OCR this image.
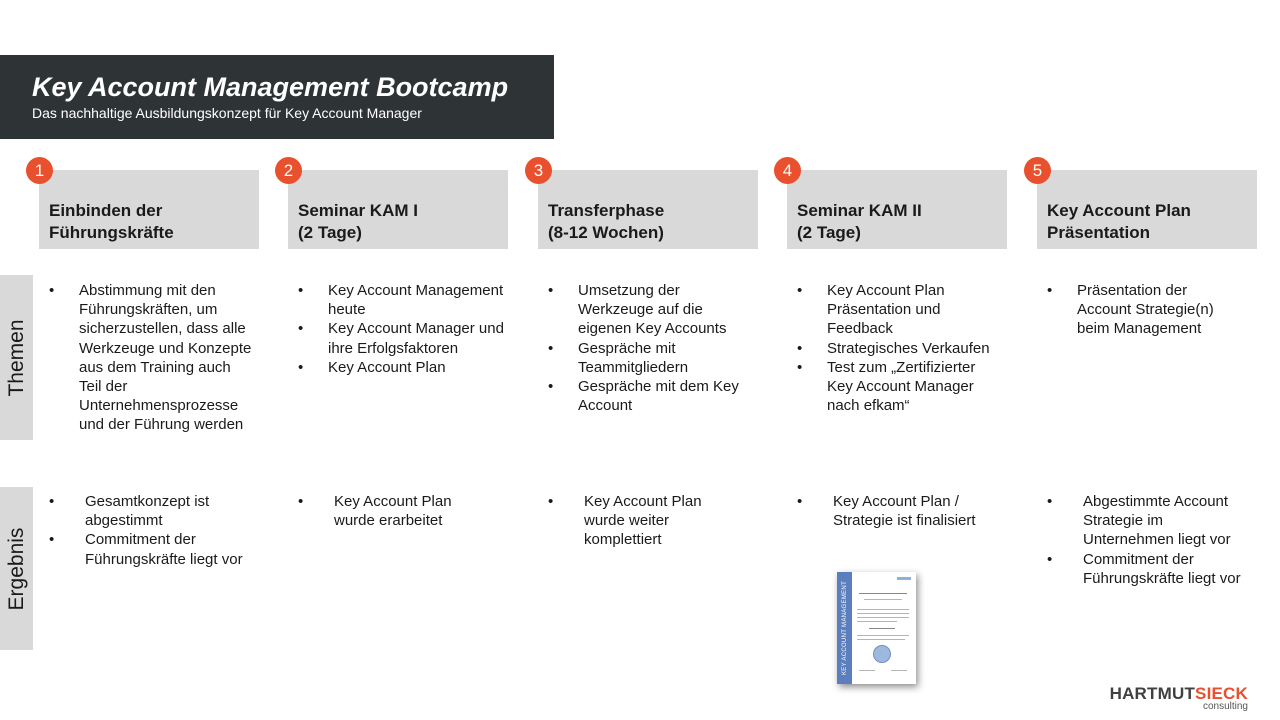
Key Account Management Bootcamp
Das nachhaltige Ausbildungskonzept für Key Account Manager
Einbinden der
Führungskräfte
1
Seminar KAM I
(2 Tage)
2
Transferphase
(8-12 Wochen)
3
Seminar KAM II
(2 Tage)
4
Key Account Plan
Präsentation
5
Themen
Ergebnis
• Abstimmung mit den Führungskräften, um sicherzustellen, dass alle Werkzeuge und Konzepte aus dem Training auch Teil der Unternehmensprozesse und der Führung werden
• Key Account Management heute
• Key Account Manager und ihre Erfolgsfaktoren
• Key Account Plan
• Umsetzung der Werkzeuge auf die eigenen Key Accounts
• Gespräche mit Teammitgliedern
• Gespräche mit dem Key Account
• Key Account Plan Präsentation und Feedback
• Strategisches Verkaufen
• Test zum „Zertifizierter Key Account Manager nach efkam“
• Präsentation der Account Strategie(n) beim Management
• Gesamtkonzept ist abgestimmt
• Commitment der Führungskräfte liegt vor
• Key Account Plan wurde erarbeitet
• Key Account Plan wurde weiter komplettiert
• Key Account Plan / Strategie ist finalisiert
• Abgestimmte Account Strategie im Unternehmen liegt vor
• Commitment der Führungskräfte liegt vor
KEY ACCOUNT MANAGEMENT
HARTMUTSIECK
consulting
